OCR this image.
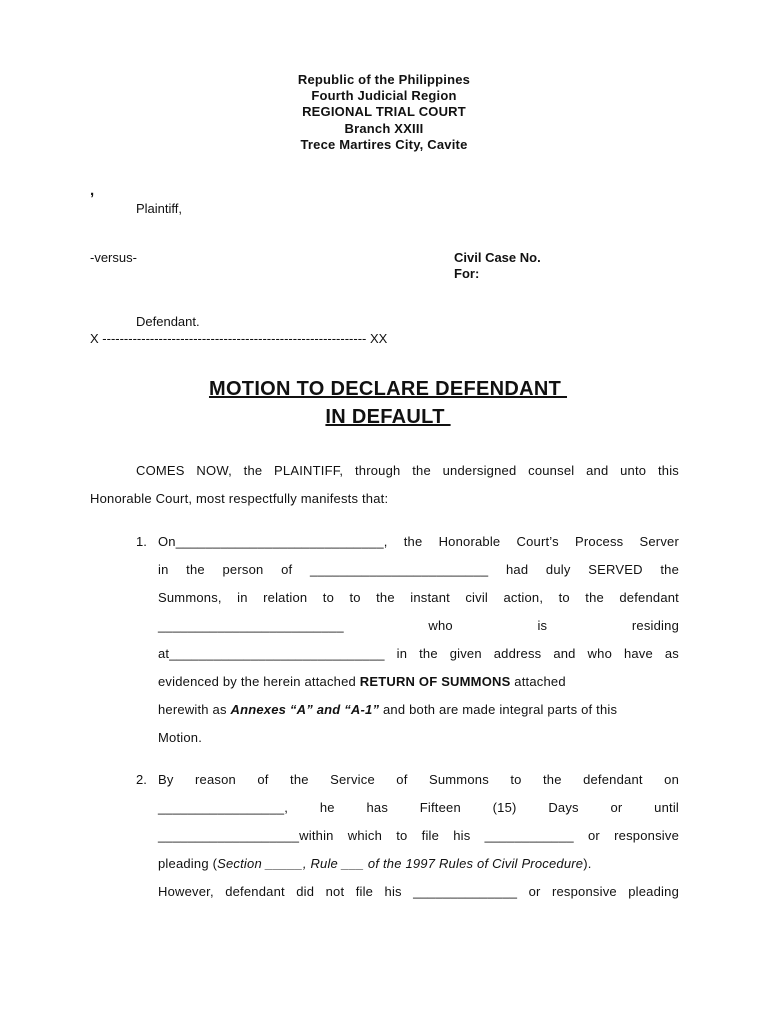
Republic of the Philippines
Fourth Judicial Region
REGIONAL TRIAL COURT
Branch XXIII
Trece Martires City, Cavite
,
Plaintiff,
-versus-	Civil Case No.
For:
Defendant.
X ------------------------------------------------------------- XX
MOTION TO DECLARE DEFENDANT
IN DEFAULT
COMES NOW, the PLAINTIFF, through the undersigned counsel and unto this
Honorable Court, most respectfully manifests that:
1. On____________________________, the Honorable Court’s Process Server
in the person of ________________________ had duly SERVED the
Summons, in relation to to the instant civil action, to the defendant
_________________________	who	is	residing
at_____________________________ in the given address and who have as
evidenced by the herein attached RETURN OF SUMMONS attached
herewith as Annexes “A” and “A-1” and both are made integral parts of this
Motion.
2. By reason of the Service of Summons to the defendant on
_________________, he has Fifteen (15) Days or until
___________________within which to file his ____________ or responsive
pleading (Section _____, Rule ___ of the 1997 Rules of Civil Procedure).
However, defendant did not file his ______________ or responsive pleading
